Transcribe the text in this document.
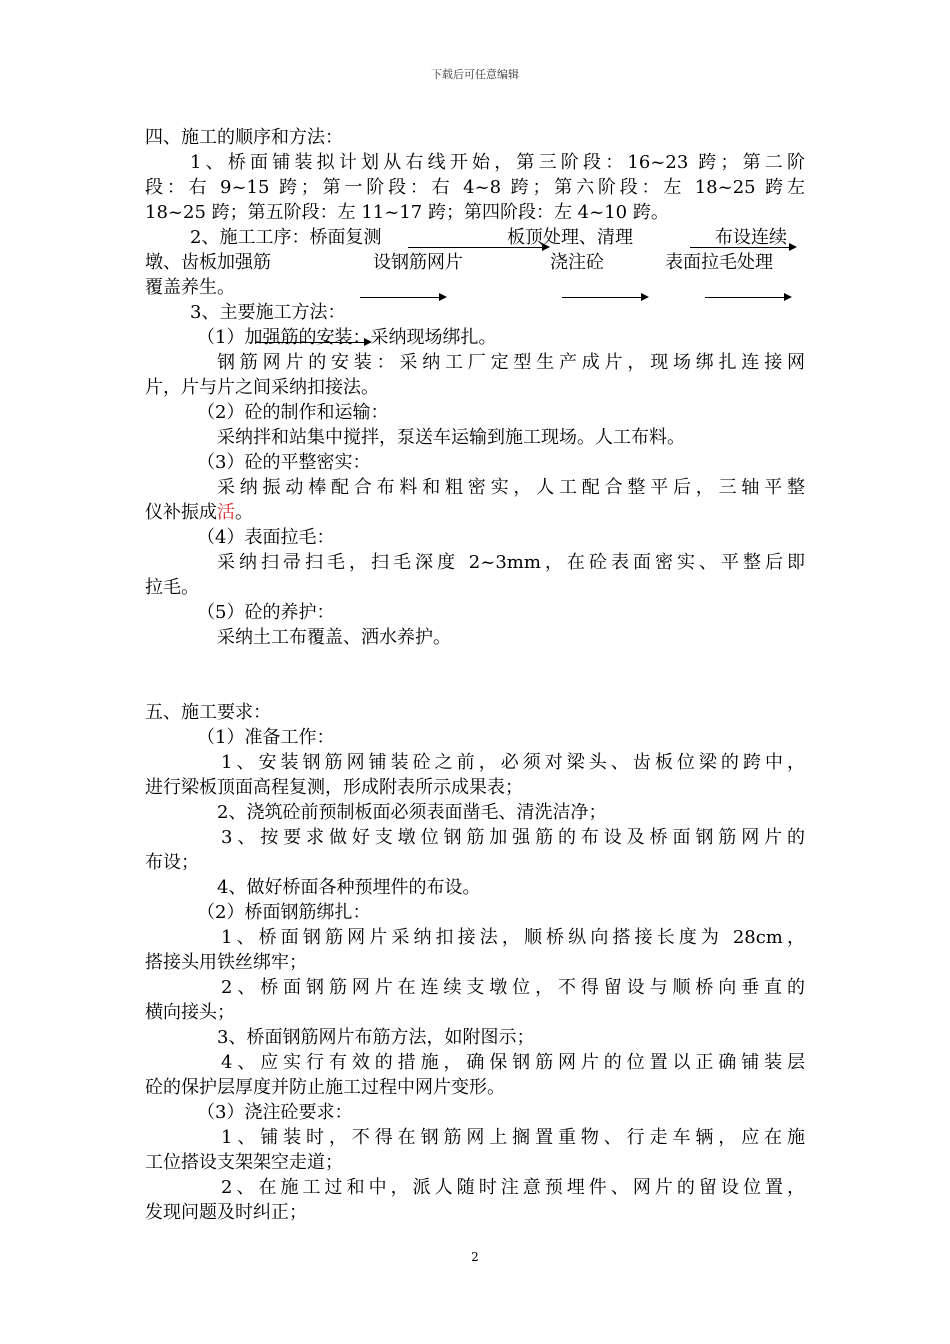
下载后可任意编辑

四、施工的顺序和方法：

1、桥面铺装拟计划从右线开始，第三阶段：16~23 跨；第二阶

段：右 9~15 跨；第一阶段：右 4~8 跨；第六阶段：左 18~25 跨左

18~25 跨；第五阶段：左 11~17 跨；第四阶段：左 4~10 跨。

2、施工工序：桥面复测	板顶处理、清理	布设连续

墩、齿板加强筋	设钢筋网片	浇注砼	表面拉毛处理

覆盖养生。

3、主要施工方法：

（1）加强筋的安装：采纳现场绑扎。

钢筋网片的安装：采纳工厂定型生产成片，现场绑扎连接网

片，片与片之间采纳扣接法。

（2）砼的制作和运输：

采纳拌和站集中搅拌，泵送车运输到施工现场。人工布料。

（3）砼的平整密实：

采纳振动棒配合布料和粗密实，人工配合整平后，三轴平整

仪补振成活。

（4）表面拉毛：

采纳扫帚扫毛，扫毛深度 2~3mm，在砼表面密实、平整后即

拉毛。

（5）砼的养护：

采纳土工布覆盖、洒水养护。

五、施工要求：

（1）准备工作：

1、安装钢筋网铺装砼之前，必须对梁头、齿板位梁的跨中，

进行梁板顶面高程复测，形成附表所示成果表；

2、浇筑砼前预制板面必须表面凿毛、清洗洁净；

3、按要求做好支墩位钢筋加强筋的布设及桥面钢筋网片的

布设；

4、做好桥面各种预埋件的布设。

（2）桥面钢筋绑扎：

1、桥面钢筋网片采纳扣接法，顺桥纵向搭接长度为 28cm，

搭接头用铁丝绑牢；

2、桥面钢筋网片在连续支墩位，不得留设与顺桥向垂直的

横向接头；

3、桥面钢筋网片布筋方法，如附图示；

4、应实行有效的措施，确保钢筋网片的位置以正确铺装层

砼的保护层厚度并防止施工过程中网片变形。

（3）浇注砼要求：

1、铺装时，不得在钢筋网上搁置重物、行走车辆，应在施

工位搭设支架架空走道；

2、在施工过和中，派人随时注意预埋件、网片的留设位置，

发现问题及时纠正；

2
